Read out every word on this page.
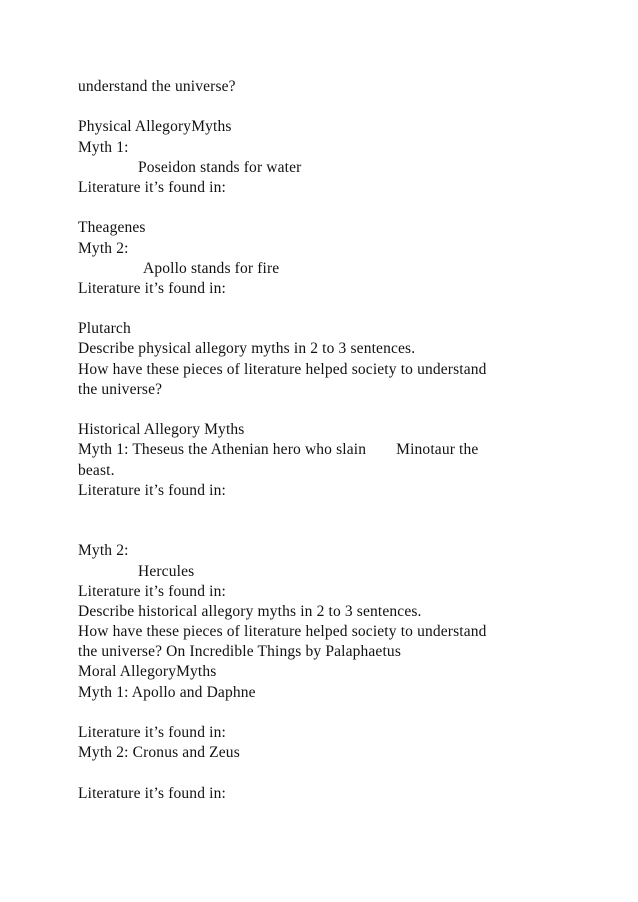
understand the universe?
Physical AllegoryMyths
Myth 1:
Poseidon stands for water
Literature it’s found in:
Theagenes
Myth 2:
Apollo stands for fire
Literature it’s found in:
Plutarch
Describe physical allegory myths in 2 to 3 sentences.
How have these pieces of literature helped society to understand
the universe?
Historical Allegory Myths
Myth 1: Theseus the Athenian hero who slain Minotaur the
beast.
Literature it’s found in:
Myth 2:
Hercules
Literature it’s found in:
Describe historical allegory myths in 2 to 3 sentences.
How have these pieces of literature helped society to understand
the universe? On Incredible Things by Palaphaetus
Moral AllegoryMyths
Myth 1: Apollo and Daphne
Literature it’s found in:
Myth 2: Cronus and Zeus
Literature it’s found in:
